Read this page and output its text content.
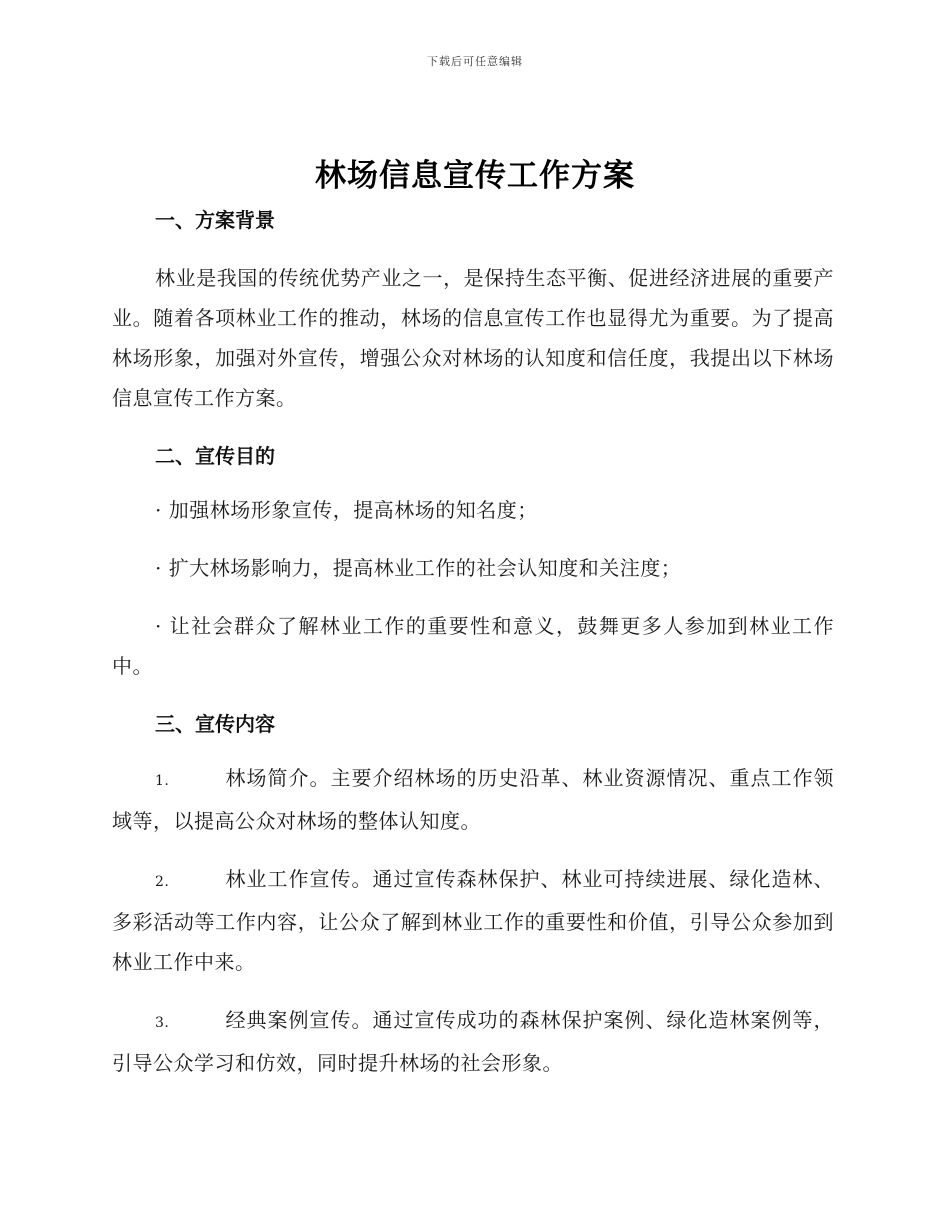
下载后可任意编辑
林场信息宣传工作方案

一、方案背景

林业是我国的传统优势产业之一，是保持生态平衡、促进经济进展的重要产业。随着各项林业工作的推动，林场的信息宣传工作也显得尤为重要。为了提高林场形象，加强对外宣传，增强公众对林场的认知度和信任度，我提出以下林场信息宣传工作方案。

二、宣传目的

· 加强林场形象宣传，提高林场的知名度；

· 扩大林场影响力，提高林业工作的社会认知度和关注度；

· 让社会群众了解林业工作的重要性和意义，鼓舞更多人参加到林业工作中。

三、宣传内容

1.	林场简介。主要介绍林场的历史沿革、林业资源情况、重点工作领域等，以提高公众对林场的整体认知度。

2.	林业工作宣传。通过宣传森林保护、林业可持续进展、绿化造林、多彩活动等工作内容，让公众了解到林业工作的重要性和价值，引导公众参加到林业工作中来。

3.	经典案例宣传。通过宣传成功的森林保护案例、绿化造林案例等，引导公众学习和仿效，同时提升林场的社会形象。
